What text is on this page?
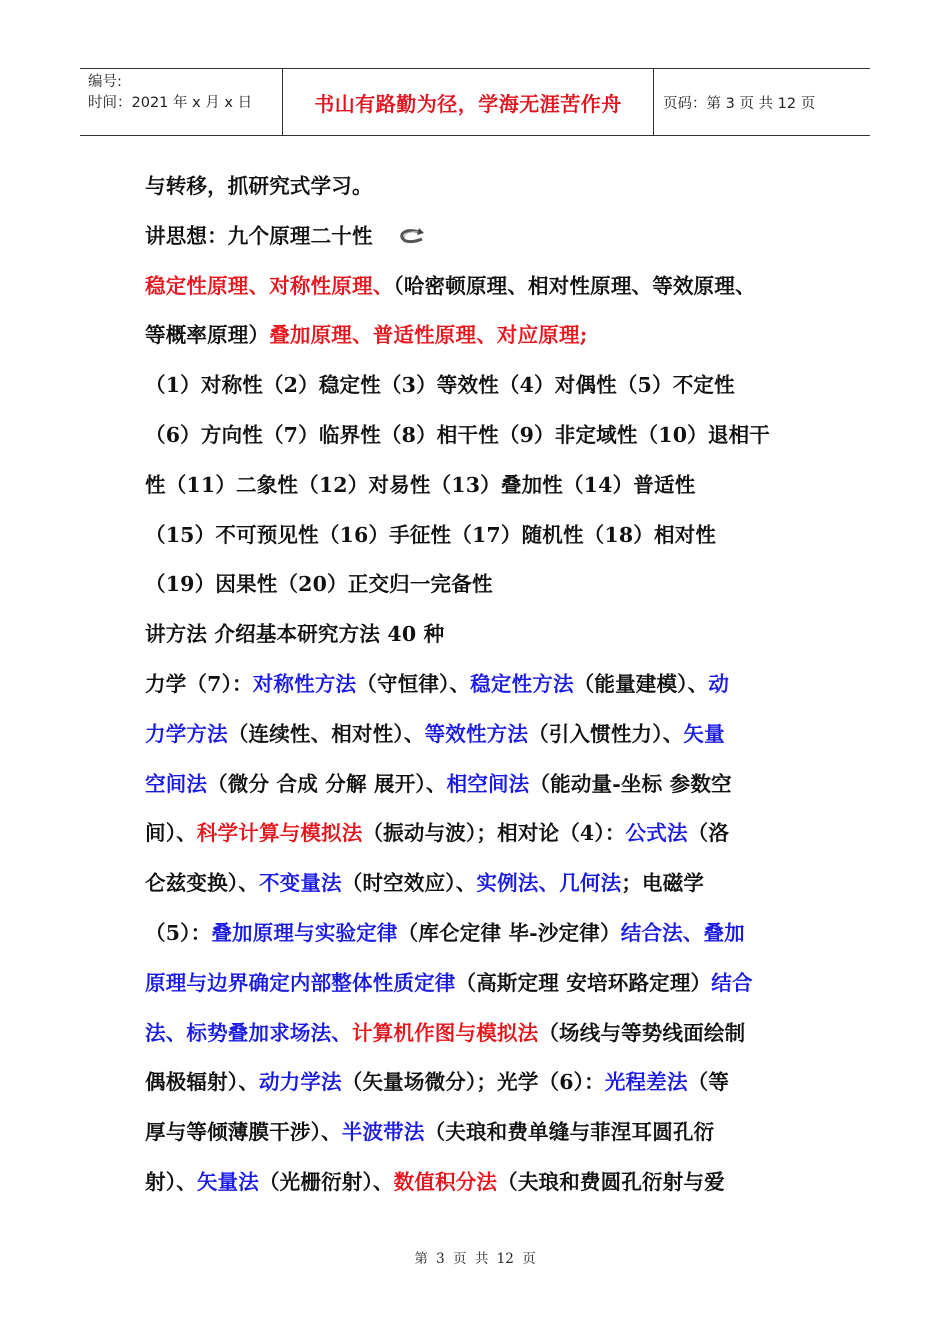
编号:
时间：2021 年 x 月 x 日	书山有路勤为径，学海无涯苦作舟	页码：第 3 页 共 12 页
与转移，抓研究式学习。
讲思想：九个原理二十性
稳定性原理、对称性原理、（哈密顿原理、相对性原理、等效原理、
等概率原理）叠加原理、普适性原理、对应原理;
（1）对称性（2）稳定性（3）等效性（4）对偶性（5）不定性
（6）方向性（7）临界性（8）相干性（9）非定域性（10）退相干
性（11）二象性（12）对易性（13）叠加性（14）普适性
（15）不可预见性（16）手征性（17）随机性（18）相对性
（19）因果性（20）正交归一完备性
讲方法 介绍基本研究方法 40 种
力学（7）：对称性方法（守恒律）、稳定性方法（能量建模）、动
力学方法（连续性、相对性）、等效性方法（引入惯性力）、矢量
空间法（微分 合成 分解 展开）、相空间法（能动量-坐标 参数空
间）、科学计算与模拟法（振动与波）；相对论（4）：公式法（洛
仑兹变换）、不变量法（时空效应）、实例法、几何法；电磁学
（5）：叠加原理与实验定律（库仑定律 毕-沙定律）结合法、叠加
原理与边界确定内部整体性质定律（高斯定理 安培环路定理）结合
法、标势叠加求场法、计算机作图与模拟法（场线与等势线面绘制
偶极辐射）、动力学法（矢量场微分）；光学（6）：光程差法（等
厚与等倾薄膜干涉）、半波带法（夫琅和费单缝与菲涅耳圆孔衍
射）、矢量法（光栅衍射）、数值积分法（夫琅和费圆孔衍射与爱
第 3 页 共 12 页
